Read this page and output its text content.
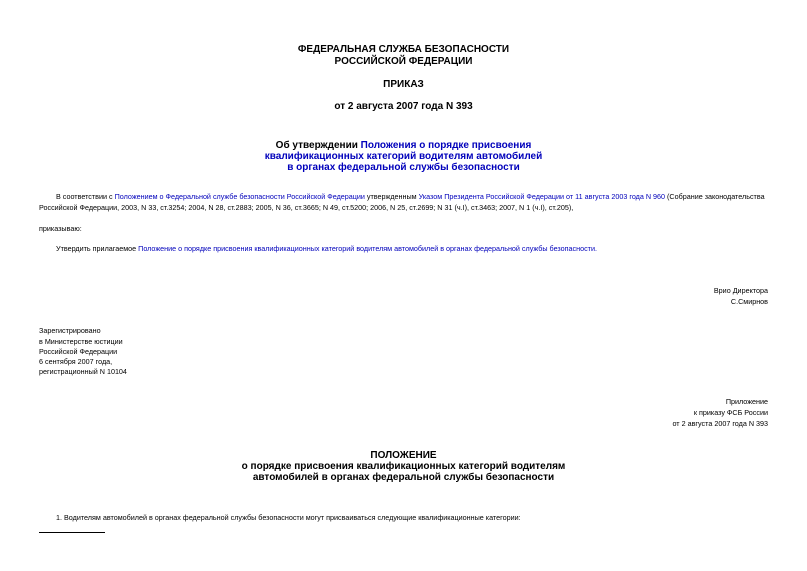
ФЕДЕРАЛЬНАЯ СЛУЖБА БЕЗОПАСНОСТИ
РОССИЙСКОЙ ФЕДЕРАЦИИ
ПРИКАЗ
от 2 августа 2007 года N 393
Об утверждении Положения о порядке присвоения
квалификационных категорий водителям автомобилей
в органах федеральной службы безопасности
В соответствии с Положением о Федеральной службе безопасности Российской Федерации утвержденным Указом Президента Российской Федерации от 11 августа 2003 года N 960 (Собрание законодательства
Российской Федерации, 2003, N 33, ст.3254; 2004, N 28, ст.2883; 2005, N 36, ст.3665; N 49, ст.5200; 2006, N 25, ст.2699; N 31 (ч.I), ст.3463; 2007, N 1 (ч.I), ст.205),
приказываю:
Утвердить прилагаемое Положение о порядке присвоения квалификационных категорий водителям автомобилей в органах федеральной службы безопасности.
Врио Директора
С.Смирнов
Зарегистрировано
в Министерстве юстиции
Российской Федерации
6 сентября 2007 года,
регистрационный N 10104
Приложение
к приказу ФСБ России
от 2 августа 2007 года N 393
ПОЛОЖЕНИЕ
о порядке присвоения квалификационных категорий водителям
автомобилей в органах федеральной службы безопасности
1. Водителям автомобилей в органах федеральной службы безопасности могут присваиваться следующие квалификационные категории:
